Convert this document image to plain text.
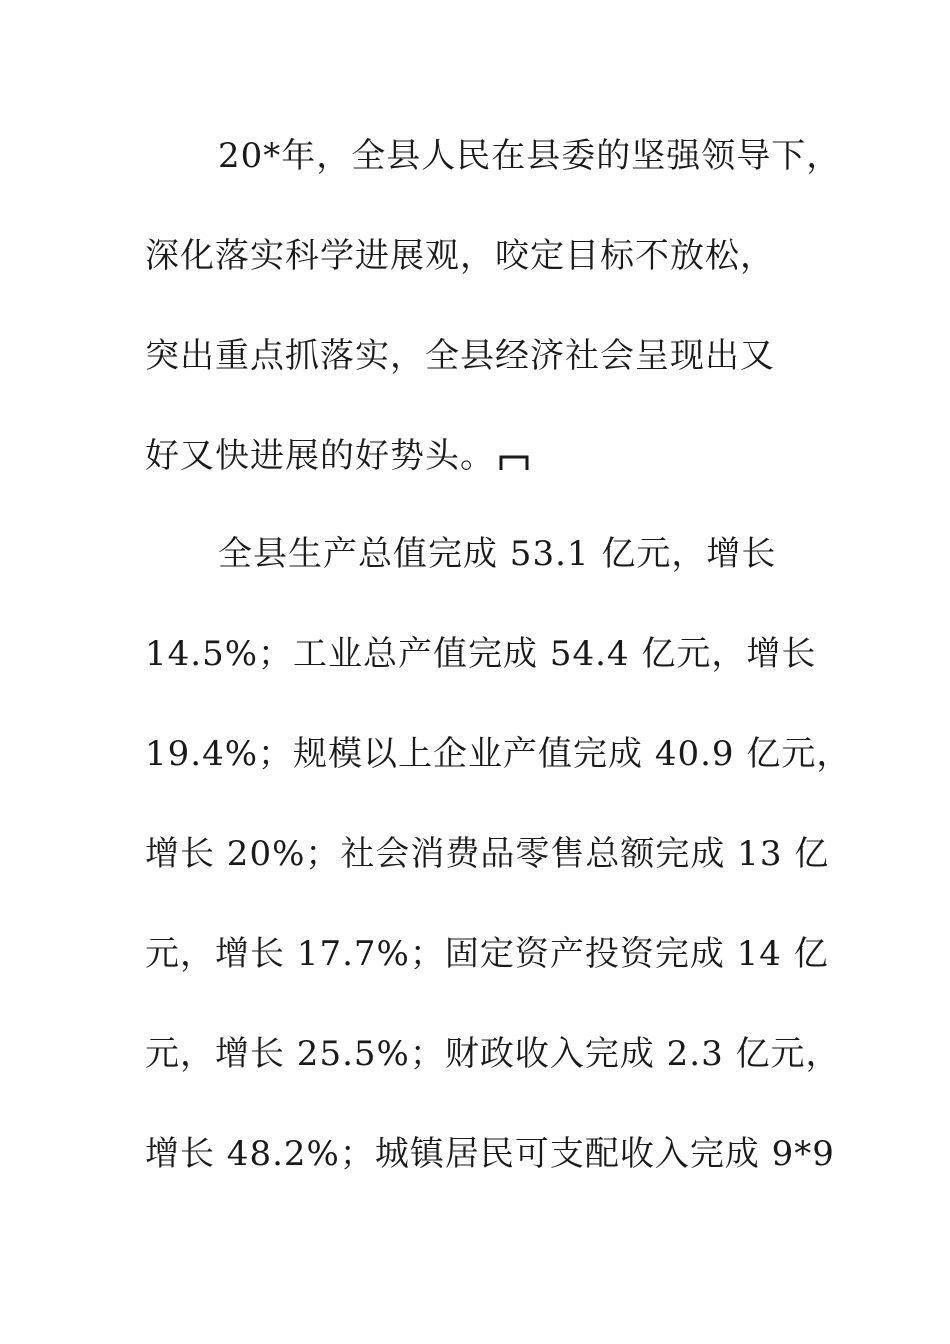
20*年，全县人民在县委的坚强领导下，
深化落实科学进展观，咬定目标不放松，
突出重点抓落实，全县经济社会呈现出又
好又快进展的好势头。
全县生产总值完成 53.1 亿元，增长
14.5%；工业总产值完成 54.4 亿元，增长
19.4%；规模以上企业产值完成 40.9 亿元，
增长 20%；社会消费品零售总额完成 13 亿
元，增长 17.7%；固定资产投资完成 14 亿
元，增长 25.5%；财政收入完成 2.3 亿元，
增长 48.2%；城镇居民可支配收入完成 9*9
